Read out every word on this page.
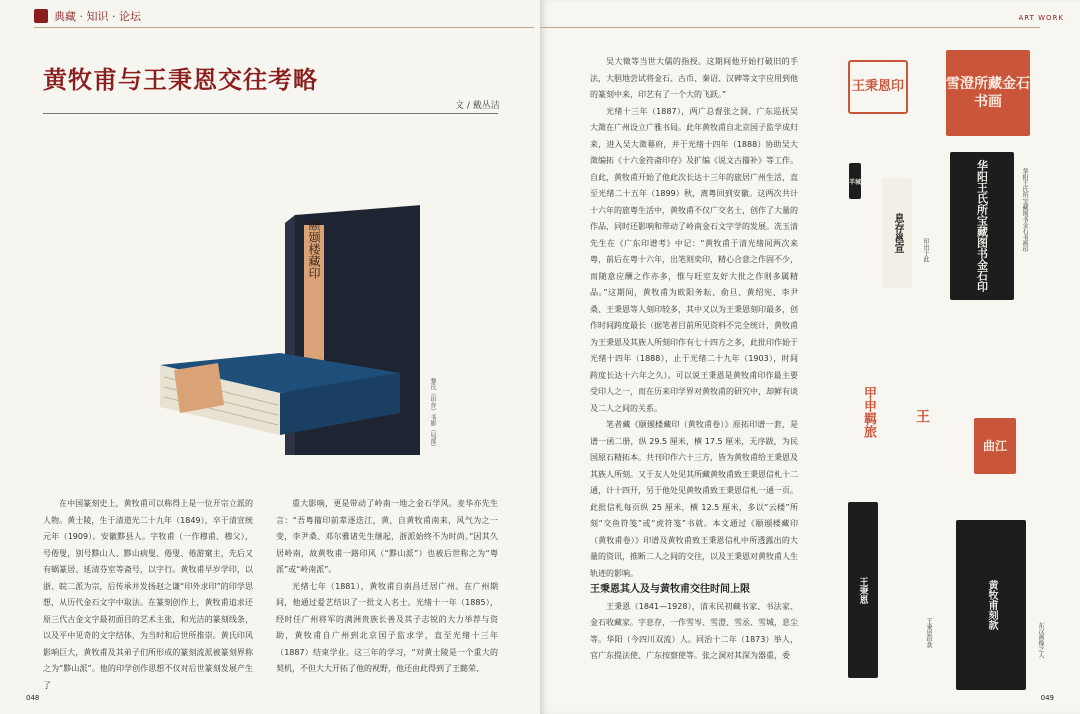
典藏 · 知识 · 论坛
黄牧甫与王秉恩交往考略
文 / 戴丛洁
颐颋楼藏印
黎氏《印存》书影（局部）

在中国篆刻史上，黄牧甫可以称得上是一位开宗立派的人物。黄士陵，生于清道光二十九年（1849），卒于清宣统元年（1909）。安徽黟县人。字牧甫（一作穆甫、穆父），号倦叟，别号黟山人、黟山病叟、倦叟、倦游窠主，先后又有蜗篆居、延清芬室等斋号，以字行。黄牧甫早岁学印，以浙、皖二派为宗，后传承并发扬赵之谦“印外求印”的印学思想，从历代金石文字中取法。在篆刻创作上，黄牧甫追求还原三代古金文字最初面目的艺术主张，和光洁的篆刻线条，以及平中见奇的文字结体，为当时和后世所推崇。黄氏印风影响巨大，黄牧甫及其弟子们所形成的篆刻流派被篆刻界称之为“黟山派”。他的印学创作思想不仅对后世篆刻发展产生了

重大影响，更是带动了岭南一地之金石学风。麦华亦先生言：“吾粤籀印前辈逐迭江，黄，自黄牧甫南来，风气为之一变，李尹桑、邓尔雅诸先生继起，浙派始终不为时尚。”因其久居岭南，故黄牧甫一路印风（“黟山派”）也被后世称之为“粤派”或“岭南派”。

光绪七年（1881），黄牧甫自南昌迁居广州。在广州期间，他通过爱艺结识了一批文人名士。光绪十一年（1885），经时任广州将军的满洲贵族长善及其子志锐的大力举荐与资助，黄牧甫自广州到北京国子监求学，直至光绪十三年（1887）结束学业。这三年的学习，“对黄士陵是一个重大的契机，不但大大开拓了他的视野，他还由此得到了王懿荣、

048
ART WORK

吴大徵等当世大儒的指授。这期间他开始打破旧的手法，大胆地尝试将金石、古币、秦诏、汉碑等文字应用到他的篆刻中来，印艺有了一个大的飞跃。”

光绪十三年（1887），两广总督张之洞、广东巡抚吴大澂在广州设立广雅书局。此年黄牧甫自北京国子监学成归来，进入吴大澂幕府，并于光绪十四年（1888）协助吴大澂编拓《十六金符斋印存》及扩编《说文古籀补》等工作。自此，黄牧甫开始了他此次长达十三年的旅居广州生活，直至光绪二十五年（1899）秋，离粤回到安徽。这两次共计十六年的旅粤生活中，黄牧甫不仅广交名士，创作了大量的作品，同时还影响和带动了岭南金石文字学的发展。冼玉清先生在《广东印谱考》中记：“黄牧甫于清光绪间两次来粤，前后在粤十六年，出笔则奕印，精心合意之作固不少，而随意应酬之作亦多，惟与旺室友好大批之作则多属精品。”这期间，黄牧甫为欧阳务耘、俞旦、黄绍宪、李尹桑、王秉恩等人刻印较多，其中又以为王秉恩刻印最多，创作时间跨度最长（据笔者目前所见资料不完全统计，黄牧甫为王秉恩及其族人所刻印作有七十四方之多，此批印作始于光绪十四年（1888），止于光绪二十九年（1903），时间跨度长达十六年之久）。可以说王秉恩是黄牧甫印作最主要受印人之一，而在历来印学界对黄牧甫的研究中，却鲜有谈及二人之间的关系。

笔者藏《颐颋楼藏印（黄牧甫卷）》原拓印谱一套，是谱一函二册，纵 29.5 厘米，横 17.5 厘米，无序跋，为民国原石精拓本。共刊印作六十三方，皆为黄牧甫给王秉恩及其族人所刻。又于友人处见其所藏黄牧甫致王秉恩信札十二通，计十四开，另于他处见黄牧甫致王秉恩信札一通一页。此批信札每页纵 25 厘米，横 12.5 厘米，多以“云楼”所刻“交鱼符笺”或“虎符笺”书就。本文通过《颐颋楼藏印（黄牧甫卷）》印谱及黄牧甫致王秉恩信札中所透露出的大量的资讯，推断二人之间的交往，以及王秉恩对黄牧甫人生轨迹的影响。

王秉恩其人及与黄牧甫交往时间上限

王秉恩（1841—1928），清末民初藏书家、书法家、金石收藏家。字息存，一作雪岑、雪澄、雪丞、雪城，息尘等。华阳（今四川双流）人。同治十二年（1873）举人，官广东提法使、广东按察使等。张之洞对其深为器重，委

王秉恩印	雪澄所藏金石书画
羊城
息存邕宣	华阳王氏所宝藏图书金石印
印出于此	华阳王氏所宝藏图书金石书画印
甲申羁旅	王
曲江
王秉恩
王秉恩印款
黄牧甫刻款
东汉画像之人
049
